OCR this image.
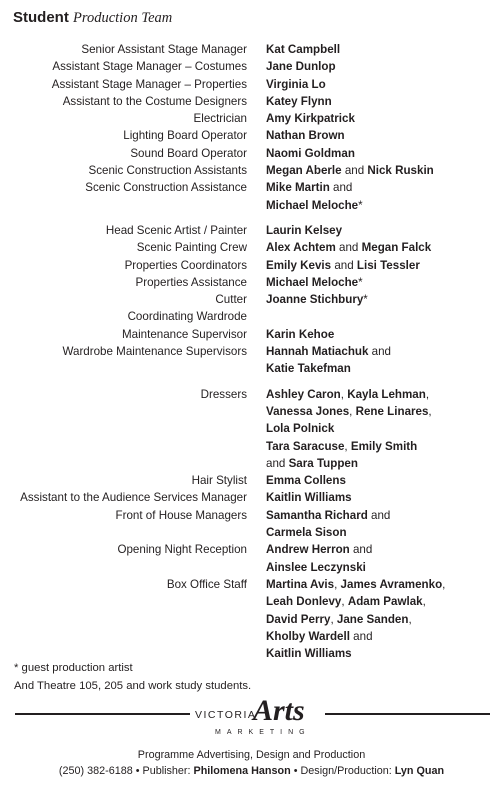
Student Production Team
Senior Assistant Stage Manager	Kat Campbell
Assistant Stage Manager – Costumes	Jane Dunlop
Assistant Stage Manager – Properties	Virginia Lo
Assistant to the Costume Designers	Katey Flynn
Electrician	Amy Kirkpatrick
Lighting Board Operator	Nathan Brown
Sound Board Operator	Naomi Goldman
Scenic Construction Assistants	Megan Aberle and Nick Ruskin
Scenic Construction Assistance	Mike Martin and
Michael Meloche*
Head Scenic Artist / Painter	Laurin Kelsey
Scenic Painting Crew	Alex Achtem and Megan Falck
Properties Coordinators	Emily Kevis and Lisi Tessler
Properties Assistance	Michael Meloche*
Cutter	Joanne Stichbury*
Coordinating Wardrode
Maintenance Supervisor	Karin Kehoe
Wardrobe Maintenance Supervisors	Hannah Matiachuk and
Katie Takefman
Dressers	Ashley Caron, Kayla Lehman,
Vanessa Jones, Rene Linares,
Lola Polnick
Tara Saracuse, Emily Smith
and Sara Tuppen
Hair Stylist	Emma Collens
Assistant to the Audience Services Manager	Kaitlin Williams
Front of House Managers	Samantha Richard and
Carmela Sison
Opening Night Reception	Andrew Herron and
Ainslee Leczynski
Box Office Staff	Martina Avis, James Avramenko,
Leah Donlevy, Adam Pawlak,
David Perry, Jane Sanden,
Kholby Wardell and
Kaitlin Williams
* guest production artist
And Theatre 105, 205 and work study students.
VICTORIA
Arts
MARKETING
Programme Advertising, Design and Production
(250) 382-6188 • Publisher: Philomena Hanson • Design/Production: Lyn Quan
